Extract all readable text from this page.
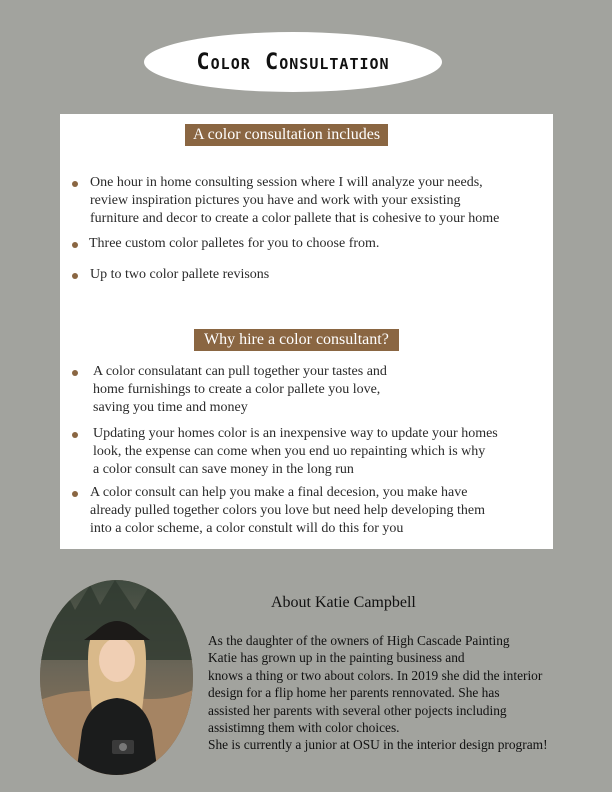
Color Consultation
A color consultation includes
One hour in home consulting session where I will analyze your needs,
review inspiration pictures you have and work with your exsisting
furniture and decor to create a color pallete that is cohesive to your home
Three custom color palletes for you to choose from.
Up to two color pallete revisons
Why hire a color consultant?
A color consulatant can pull together your tastes and
home furnishings to create a color pallete you love,
saving you time and money
Updating your homes color is an inexpensive way to update your homes
look, the expense can come when you end uo repainting which is why
a color consult can save money in the long run
A color consult can help you make a final decesion, you make have
already pulled together colors you love but need help developing them
into a color scheme, a color constult will do this for you
About Katie Campbell
As the daughter of the owners of High Cascade Painting
Katie has grown up in the painting business and
knows a thing or two about colors. In 2019 she did the interior
design for a flip home her parents rennovated. She has
assisted her parents with several other pojects including
assistimng them with color choices.
She is currently a junior at OSU in the interior design program!
